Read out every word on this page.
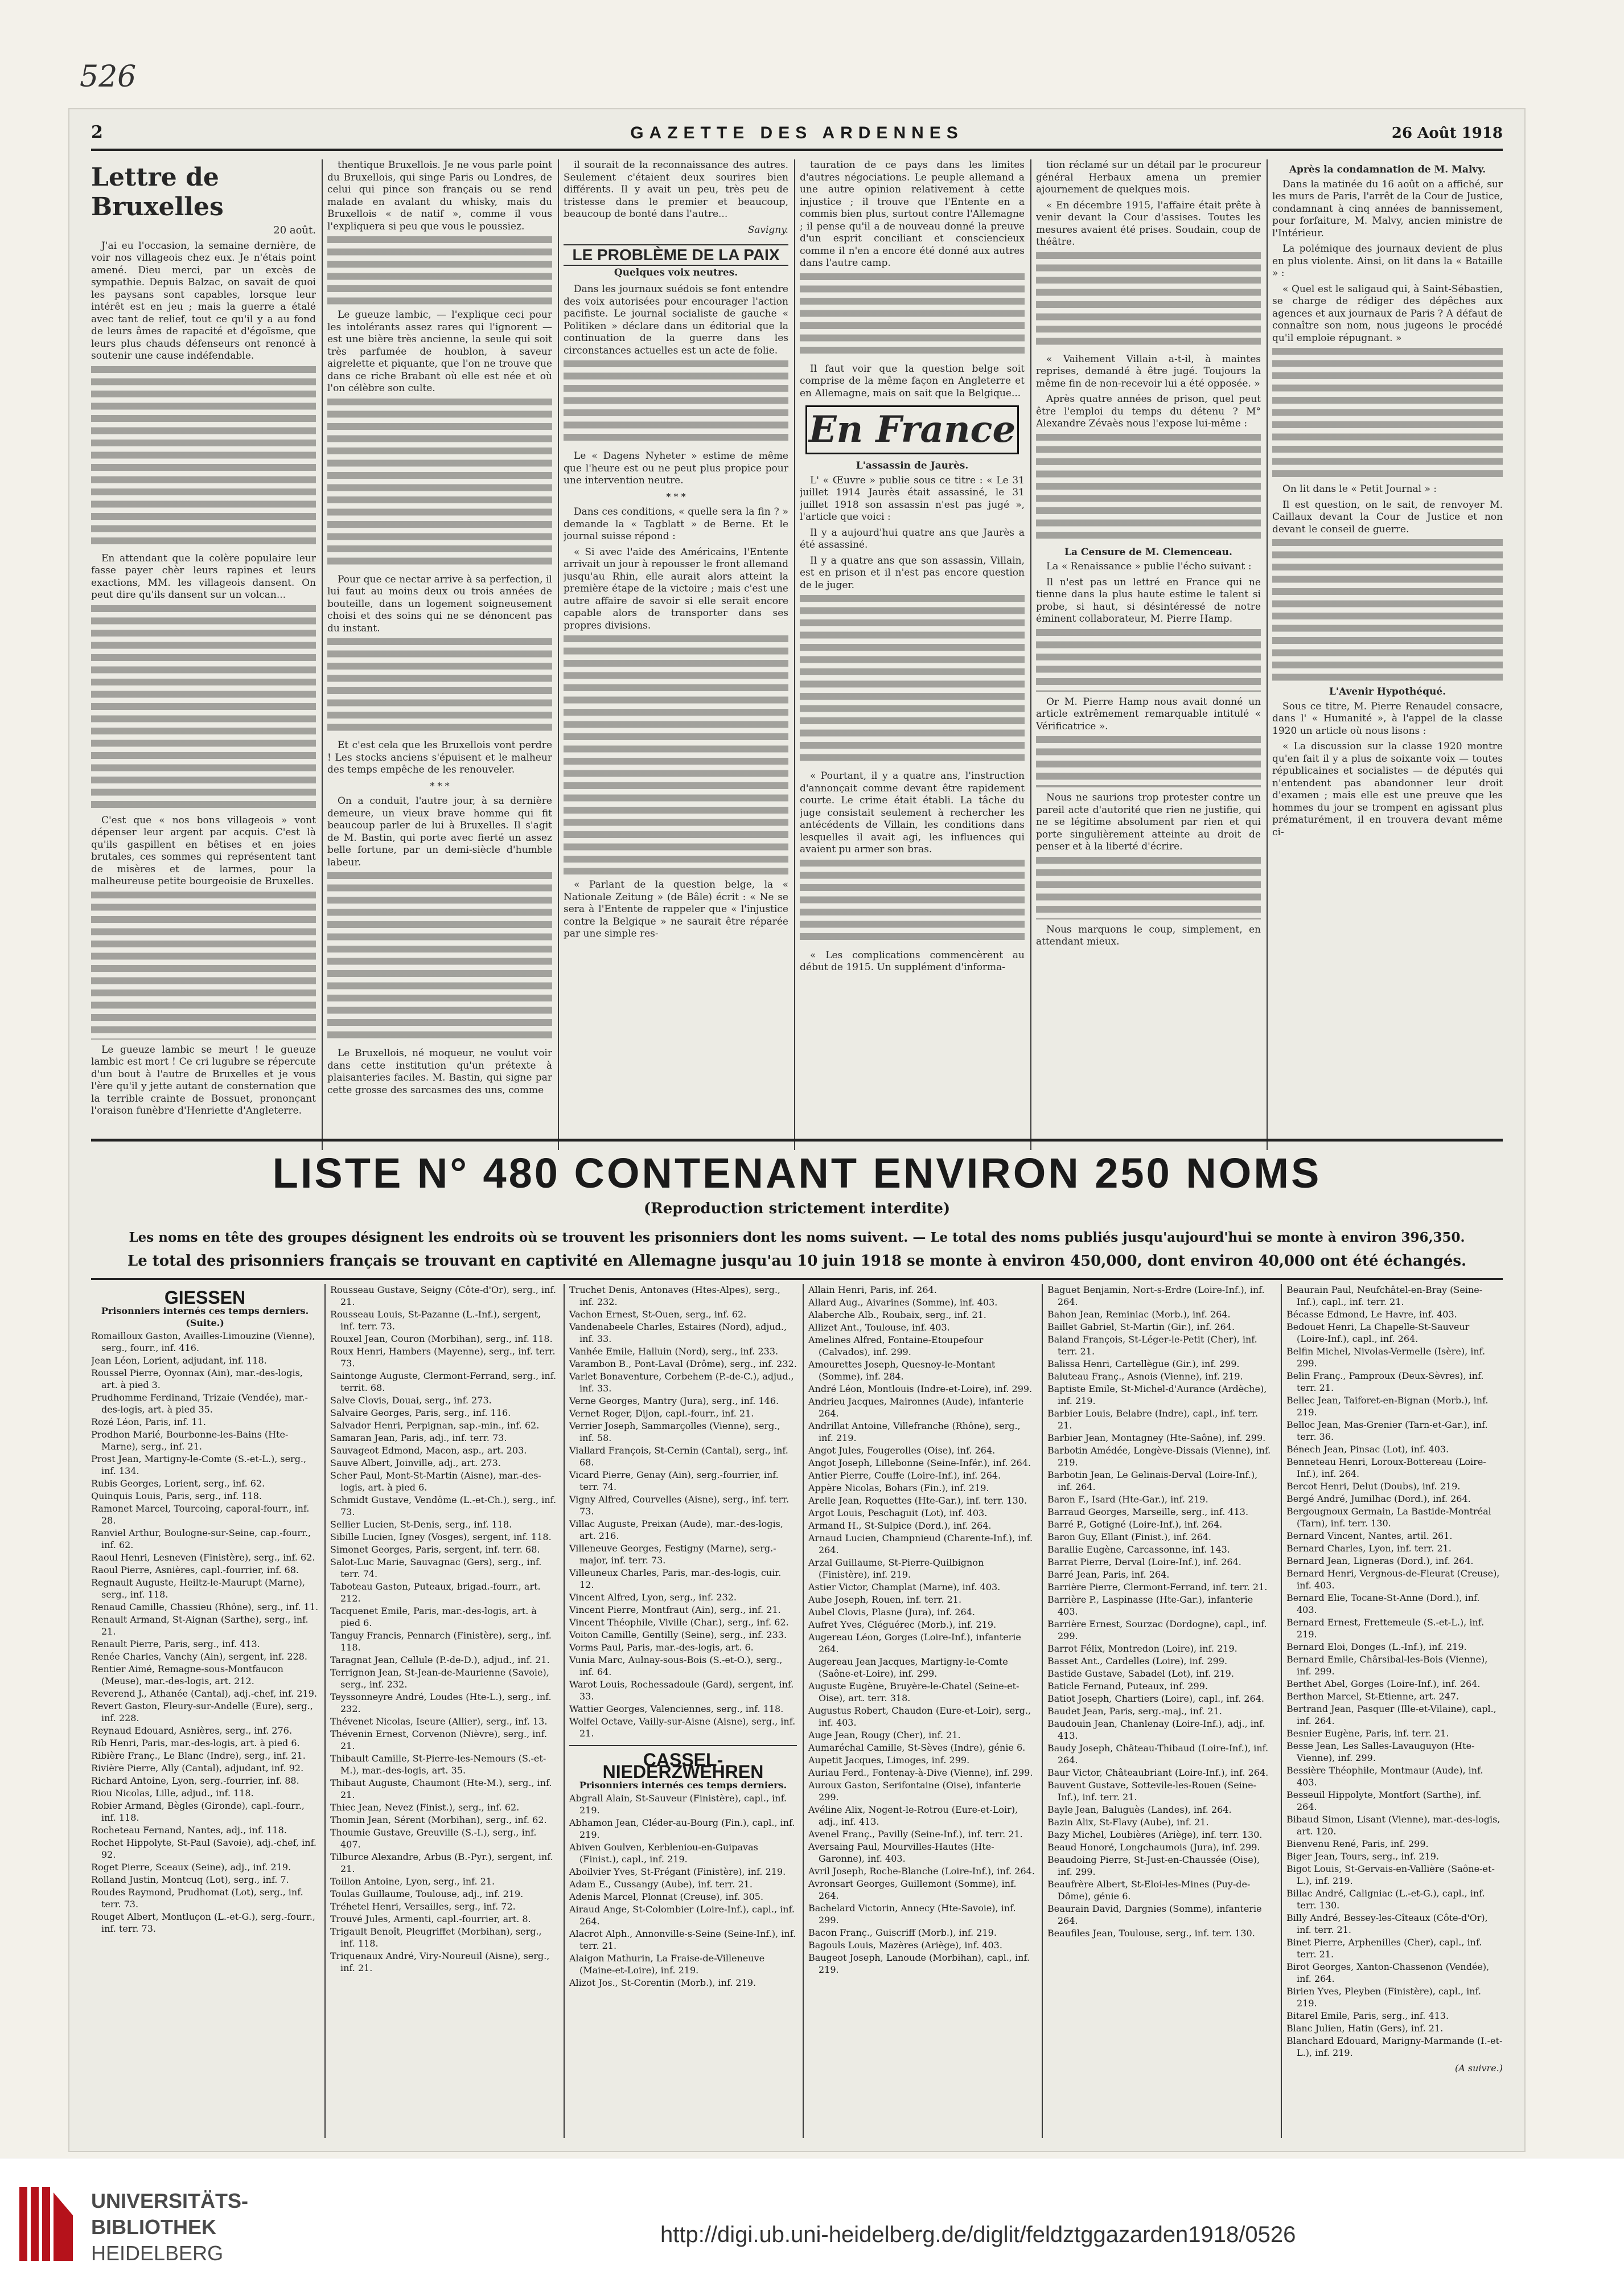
526
2	GAZETTE DES ARDENNES	26 Août 1918
Lettre de Bruxelles
20 août.

J'ai eu l'occasion, la semaine dernière, de voir nos villageois chez eux. Je n'étais point amené. Dieu merci, par un excès de sympathie. Depuis Balzac, on savait de quoi les paysans sont capables, lorsque leur intérêt est en jeu ; mais la guerre a étalé avec tant de relief, tout ce qu'il y a au fond de leurs âmes de rapacité et d'égoïsme, que leurs plus chauds défenseurs ont renoncé à soutenir une cause indéfendable.

En attendant que la colère populaire leur fasse payer chèr leurs rapines et leurs exactions, MM. les villageois dansent. On peut dire qu'ils dansent sur un volcan...

C'est que « nos bons villageois » vont dépenser leur argent par acquis. C'est là qu'ils gaspillent en bêtises et en joies brutales, ces sommes qui représentent tant de misères et de larmes, pour la malheureuse petite bourgeoisie de Bruxelles.

Le gueuze lambic se meurt ! le gueuze lambic est mort ! Ce cri lugubre se répercute d'un bout à l'autre de Bruxelles et je vous l'ère qu'il y jette autant de consternation que la terrible crainte de Bossuet, prononçant l'oraison funèbre d'Henriette d'Angleterre.

thentique Bruxellois. Je ne vous parle point du Bruxellois, qui singe Paris ou Londres, de celui qui pince son français ou se rend malade en avalant du whisky, mais du Bruxellois « de natif », comme il vous l'expliquera si peu que vous le poussiez.

Le gueuze lambic, — l'explique ceci pour les intolérants assez rares qui l'ignorent — est une bière très ancienne, la seule qui soit très parfumée de houblon, à saveur aigrelette et piquante, que l'on ne trouve que dans ce riche Brabant où elle est née et où l'on célèbre son culte.

Pour que ce nectar arrive à sa perfection, il lui faut au moins deux ou trois années de bouteille, dans un logement soigneusement choisi et des soins qui ne se dénoncent pas du instant.

Et c'est cela que les Bruxellois vont perdre ! Les stocks anciens s'épuisent et le malheur des temps empêche de les renouveler.

* * *

On a conduit, l'autre jour, à sa dernière demeure, un vieux brave homme qui fit beaucoup parler de lui à Bruxelles. Il s'agit de M. Bastin, qui porte avec fierté un assez belle fortune, par un demi-siècle d'humble labeur.

Le Bruxellois, né moqueur, ne voulut voir dans cette institution qu'un prétexte à plaisanteries faciles. M. Bastin, qui signe par cette grosse des sarcasmes des uns, comme

il sourait de la reconnaissance des autres. Seulement c'étaient deux sourires bien différents. Il y avait un peu, très peu de tristesse dans le premier et beaucoup, beaucoup de bonté dans l'autre...

Savigny.
LE PROBLÈME DE LA PAIX
Quelques voix neutres.

Dans les journaux suédois se font entendre des voix autorisées pour encourager l'action pacifiste. Le journal socialiste de gauche « Politiken » déclare dans un éditorial que la continuation de la guerre dans les circonstances actuelles est un acte de folie.

Le « Dagens Nyheter » estime de même que l'heure est ou ne peut plus propice pour une intervention neutre.

* * *

Dans ces conditions, « quelle sera la fin ? » demande la « Tagblatt » de Berne. Et le journal suisse répond :

« Si avec l'aide des Américains, l'Entente arrivait un jour à repousser le front allemand jusqu'au Rhin, elle aurait alors atteint la première étape de la victoire ; mais c'est une autre affaire de savoir si elle serait encore capable alors de transporter dans ses propres divisions.

« Parlant de la question belge, la « Nationale Zeitung » (de Bâle) écrit : « Ne se sera à l'Entente de rappeler que « l'injustice contre la Belgique » ne saurait être réparée par une simple res-

tauration de ce pays dans les limites d'autres négociations. Le peuple allemand a une autre opinion relativement à cette injustice ; il trouve que l'Entente en a commis bien plus, surtout contre l'Allemagne ; il pense qu'il a de nouveau donné la preuve d'un esprit conciliant et consciencieux comme il n'en a encore été donné aux autres dans l'autre camp.

Il faut voir que la question belge soit comprise de la même façon en Angleterre et en Allemagne, mais on sait que la Belgique...

En France
L'assassin de Jaurès.

L' « Œuvre » publie sous ce titre : « Le 31 juillet 1914 Jaurès était assassiné, le 31 juillet 1918 son assassin n'est pas jugé », l'article que voici :

Il y a aujourd'hui quatre ans que Jaurès a été assassiné.

Il y a quatre ans que son assassin, Villain, est en prison et il n'est pas encore question de le juger.

« Pourtant, il y a quatre ans, l'instruction d'annonçait comme devant être rapidement courte. Le crime était établi. La tâche du juge consistait seulement à rechercher les antécédents de Villain, les conditions dans lesquelles il avait agi, les influences qui avaient pu armer son bras.

« Les complications commencèrent au début de 1915. Un supplément d'informa-

tion réclamé sur un détail par le procureur général Herbaux amena un premier ajournement de quelques mois.

« En décembre 1915, l'affaire était prête à venir devant la Cour d'assises. Toutes les mesures avaient été prises. Soudain, coup de théâtre.

« Vaihement Villain a-t-il, à maintes reprises, demandé à être jugé. Toujours la même fin de non-recevoir lui a été opposée. »

Après quatre années de prison, quel peut être l'emploi du temps du détenu ? M° Alexandre Zévaès nous l'expose lui-même :

La Censure de M. Clemenceau.

La « Renaissance » publie l'écho suivant :

Il n'est pas un lettré en France qui ne tienne dans la plus haute estime le talent si probe, si haut, si désintéressé de notre éminent collaborateur, M. Pierre Hamp.

Or M. Pierre Hamp nous avait donné un article extrêmement remarquable intitulé « Vérificatrice ».

Nous ne saurions trop protester contre un pareil acte d'autorité que rien ne justifie, qui ne se légitime absolument par rien et qui porte singulièrement atteinte au droit de penser et à la liberté d'écrire.

Nous marquons le coup, simplement, en attendant mieux.

Après la condamnation de M. Malvy.

Dans la matinée du 16 août on a affiché, sur les murs de Paris, l'arrêt de la Cour de Justice, condamnant à cinq années de bannissement, pour forfaiture, M. Malvy, ancien ministre de l'Intérieur.

La polémique des journaux devient de plus en plus violente. Ainsi, on lit dans la « Bataille » :

« Quel est le saligaud qui, à Saint-Sébastien, se charge de rédiger des dépêches aux agences et aux journaux de Paris ? A défaut de connaître son nom, nous jugeons le procédé qu'il emploie répugnant. »

On lit dans le « Petit Journal » :

Il est question, on le sait, de renvoyer M. Caillaux devant la Cour de Justice et non devant le conseil de guerre.

L'Avenir Hypothéqué.

Sous ce titre, M. Pierre Renaudel consacre, dans l' « Humanité », à l'appel de la classe 1920 un article où nous lisons :

« La discussion sur la classe 1920 montre qu'en fait il y a plus de soixante voix — toutes républicaines et socialistes — de députés qui n'entendent pas abandonner leur droit d'examen ; mais elle est une preuve que les hommes du jour se trompent en agissant plus prématurément, il en trouvera devant même ci-

LISTE N° 480 CONTENANT ENVIRON 250 NOMS
(Reproduction strictement interdite)
Les noms en tête des groupes désignent les endroits où se trouvent les prisonniers dont les noms suivent. — Le total des noms publiés jusqu'aujourd'hui se monte à environ 396,350.
Le total des prisonniers français se trouvant en captivité en Allemagne jusqu'au 10 juin 1918 se monte à environ 450,000, dont environ 40,000 ont été échangés.
GIESSEN
Prisonniers internés ces temps derniers. (Suite.)
Romailloux Gaston, Availles-Limouzine (Vienne), serg., fourr., inf. 416.
Jean Léon, Lorient, adjudant, inf. 118.
Roussel Pierre, Oyonnax (Ain), mar.-des-logis, art. à pied 3.
Prudhomme Ferdinand, Trizaie (Vendée), mar.-des-logis, art. à pied 35.
Rozé Léon, Paris, inf. 11.
Prodhon Marié, Bourbonne-les-Bains (Hte-Marne), serg., inf. 21.
Prost Jean, Martigny-le-Comte (S.-et-L.), serg., inf. 134.
Rubis Georges, Lorient, serg., inf. 62.
Quinquis Louis, Paris, serg., inf. 118.
Ramonet Marcel, Tourcoing, caporal-fourr., inf. 28.
Ranviel Arthur, Boulogne-sur-Seine, cap.-fourr., inf. 62.
Raoul Henri, Lesneven (Finistère), serg., inf. 62.
Raoul Pierre, Asnières, capl.-fourrier, inf. 68.
Regnault Auguste, Heiltz-le-Maurupt (Marne), serg., inf. 118.
Renaud Camille, Chassieu (Rhône), serg., inf. 11.
Renault Armand, St-Aignan (Sarthe), serg., inf. 21.
Renault Pierre, Paris, serg., inf. 413.
Renée Charles, Vanchy (Ain), sergent, inf. 228.
Rentier Aimé, Remagne-sous-Montfaucon (Meuse), mar.-des-logis, art. 212.
Reverend J., Athanée (Cantal), adj.-chef, inf. 219.
Revert Gaston, Fleury-sur-Andelle (Eure), serg., inf. 228.
Reynaud Edouard, Asnières, serg., inf. 276.
Rib Henri, Paris, mar.-des-logis, art. à pied 6.
Ribière Franç., Le Blanc (Indre), serg., inf. 21.
Rivière Pierre, Ally (Cantal), adjudant, inf. 92.
Richard Antoine, Lyon, serg.-fourrier, inf. 88.
Riou Nicolas, Lille, adjud., inf. 118.
Robier Armand, Bègles (Gironde), capl.-fourr., inf. 118.
Rocheteau Fernand, Nantes, adj., inf. 118.
Rochet Hippolyte, St-Paul (Savoie), adj.-chef, inf. 92.
Roget Pierre, Sceaux (Seine), adj., inf. 219.
Rolland Justin, Montcuq (Lot), serg., inf. 7.
Roudes Raymond, Prudhomat (Lot), serg., inf. terr. 73.
Rouget Albert, Montluçon (L.-et-G.), serg.-fourr., inf. terr. 73.
Rousseau Gustave, Seigny (Côte-d'Or), serg., inf. 21.
Rousseau Louis, St-Pazanne (L.-Inf.), sergent, inf. terr. 73.
Rouxel Jean, Couron (Morbihan), serg., inf. 118.
Roux Henri, Hambers (Mayenne), serg., inf. terr. 73.
Saintonge Auguste, Clermont-Ferrand, serg., inf. territ. 68.
Salve Clovis, Douai, serg., inf. 273.
Salvaire Georges, Paris, serg., inf. 116.
Salvador Henri, Perpignan, sap.-min., inf. 62.
Samaran Jean, Paris, adj., inf. terr. 73.
Sauvageot Edmond, Macon, asp., art. 203.
Sauve Albert, Joinville, adj., art. 273.
Scher Paul, Mont-St-Martin (Aisne), mar.-des-logis, art. à pied 6.
Schmidt Gustave, Vendôme (L.-et-Ch.), serg., inf. 73.
Sellier Lucien, St-Denis, serg., inf. 118.
Sibille Lucien, Igney (Vosges), sergent, inf. 118.
Simonet Georges, Paris, sergent, inf. terr. 68.
Salot-Luc Marie, Sauvagnac (Gers), serg., inf. terr. 74.
Taboteau Gaston, Puteaux, brigad.-fourr., art. 212.
Tacquenet Emile, Paris, mar.-des-logis, art. à pied 6.
Tanguy Francis, Pennarch (Finistère), serg., inf. 118.
Taragnat Jean, Cellule (P.-de-D.), adjud., inf. 21.
Terrignon Jean, St-Jean-de-Maurienne (Savoie), serg., inf. 232.
Teyssonneyre André, Loudes (Hte-L.), serg., inf. 232.
Thévenet Nicolas, Iseure (Allier), serg., inf. 13.
Thévenin Ernest, Corvenon (Nièvre), serg., inf. 21.
Thibault Camille, St-Pierre-les-Nemours (S.-et-M.), mar.-des-logis, art. 35.
Thibaut Auguste, Chaumont (Hte-M.), serg., inf. 21.
Thiec Jean, Nevez (Finist.), serg., inf. 62.
Thomin Jean, Sérent (Morbihan), serg., inf. 62.
Thoumie Gustave, Greuville (S.-I.), serg., inf. 407.
Tilburce Alexandre, Arbus (B.-Pyr.), sergent, inf. 21.
Toillon Antoine, Lyon, serg., inf. 21.
Toulas Guillaume, Toulouse, adj., inf. 219.
Tréhetel Henri, Versailles, serg., inf. 72.
Trouvé Jules, Armenti, capl.-fourrier, art. 8.
Trigault Benoît, Pleugriffet (Morbihan), serg., inf. 118.
Triquenaux André, Viry-Noureuil (Aisne), serg., inf. 21.
Truchet Denis, Antonaves (Htes-Alpes), serg., inf. 232.
Vachon Ernest, St-Ouen, serg., inf. 62.
Vandenabeele Charles, Estaires (Nord), adjud., inf. 33.
Vanhée Emile, Halluin (Nord), serg., inf. 233.
Varambon B., Pont-Laval (Drôme), serg., inf. 232.
Varlet Bonaventure, Corbehem (P.-de-C.), adjud., inf. 33.
Verne Georges, Mantry (Jura), serg., inf. 146.
Vernet Roger, Dijon, capl.-fourr., inf. 21.
Verrier Joseph, Sammarçolles (Vienne), serg., inf. 58.
Viallard François, St-Cernin (Cantal), serg., inf. 68.
Vicard Pierre, Genay (Ain), serg.-fourrier, inf. terr. 74.
Vigny Alfred, Courvelles (Aisne), serg., inf. terr. 73.
Villac Auguste, Preixan (Aude), mar.-des-logis, art. 216.
Villeneuve Georges, Festigny (Marne), serg.-major, inf. terr. 73.
Villeuneux Charles, Paris, mar.-des-logis, cuir. 12.
Vincent Alfred, Lyon, serg., inf. 232.
Vincent Pierre, Montfraut (Ain), serg., inf. 21.
Vincent Théophile, Viville (Char.), serg., inf. 62.
Voiton Camille, Gentilly (Seine), serg., inf. 233.
Vorms Paul, Paris, mar.-des-logis, art. 6.
Vunia Marc, Aulnay-sous-Bois (S.-et-O.), serg., inf. 64.
Warot Louis, Rochessadoule (Gard), sergent, inf. 33.
Wattier Georges, Valenciennes, serg., inf. 118.
Wolfel Octave, Vailly-sur-Aisne (Aisne), serg., inf. 21.
CASSEL-NIEDERZWEHREN
Prisonniers internés ces temps derniers.
Abgrall Alain, St-Sauveur (Finistère), capl., inf. 219.
Abhamon Jean, Cléder-au-Bourg (Fin.), capl., inf. 219.
Abiven Goulven, Kerbleniou-en-Guipavas (Finist.), capl., inf. 219.
Aboilvier Yves, St-Frégant (Finistère), inf. 219.
Adam E., Cussangy (Aube), inf. terr. 21.
Adenis Marcel, Plonnat (Creuse), inf. 305.
Airaud Ange, St-Colombier (Loire-Inf.), capl., inf. 264.
Alacrot Alph., Annonville-s-Seine (Seine-Inf.), inf. terr. 21.
Alaigon Mathurin, La Fraise-de-Villeneuve (Maine-et-Loire), inf. 219.
Alizot Jos., St-Corentin (Morb.), inf. 219.
Allain Henri, Paris, inf. 264.
Allard Aug., Aivarines (Somme), inf. 403.
Alaberche Alb., Roubaix, serg., inf. 21.
Allizet Ant., Toulouse, inf. 403.
Amelines Alfred, Fontaine-Etoupefour (Calvados), inf. 299.
Amourettes Joseph, Quesnoy-le-Montant (Somme), inf. 284.
André Léon, Montlouis (Indre-et-Loire), inf. 299.
Andrieu Jacques, Maironnes (Aude), infanterie 264.
Andrillat Antoine, Villefranche (Rhône), serg., inf. 219.
Angot Jules, Fougerolles (Oise), inf. 264.
Angot Joseph, Lillebonne (Seine-Infér.), inf. 264.
Antier Pierre, Couffe (Loire-Inf.), inf. 264.
Appère Nicolas, Bohars (Fin.), inf. 219.
Arelle Jean, Roquettes (Hte-Gar.), inf. terr. 130.
Argot Louis, Peschaguit (Lot), inf. 403.
Armand H., St-Sulpice (Dord.), inf. 264.
Arnaud Lucien, Champnieud (Charente-Inf.), inf. 264.
Arzal Guillaume, St-Pierre-Quilbignon (Finistère), inf. 219.
Astier Victor, Champlat (Marne), inf. 403.
Aube Joseph, Rouen, inf. terr. 21.
Aubel Clovis, Plasne (Jura), inf. 264.
Aufret Yves, Cléguérec (Morb.), inf. 219.
Augereau Léon, Gorges (Loire-Inf.), infanterie 264.
Augereau Jean Jacques, Martigny-le-Comte (Saône-et-Loire), inf. 299.
Auguste Eugène, Bruyère-le-Chatel (Seine-et-Oise), art. terr. 318.
Augustus Robert, Chaudon (Eure-et-Loir), serg., inf. 403.
Auge Jean, Rougy (Cher), inf. 21.
Aumaréchal Camille, St-Sèves (Indre), génie 6.
Aupetit Jacques, Limoges, inf. 299.
Auriau Ferd., Fontenay-à-Dive (Vienne), inf. 299.
Auroux Gaston, Serifontaine (Oise), infanterie 299.
Avéline Alix, Nogent-le-Rotrou (Eure-et-Loir), adj., inf. 413.
Avenel Franç., Pavilly (Seine-Inf.), inf. terr. 21.
Aversaing Paul, Mourvilles-Hautes (Hte-Garonne), inf. 403.
Avril Joseph, Roche-Blanche (Loire-Inf.), inf. 264.
Avronsart Georges, Guillemont (Somme), inf. 264.
Bachelard Victorin, Annecy (Hte-Savoie), inf. 299.
Bacon Franç., Guiscriff (Morb.), inf. 219.
Bagouls Louis, Mazères (Ariège), inf. 403.
Baugeot Joseph, Lanoude (Morbihan), capl., inf. 219.
Baguet Benjamin, Nort-s-Erdre (Loire-Inf.), inf. 264.
Bahon Jean, Reminiac (Morb.), inf. 264.
Baillet Gabriel, St-Martin (Gir.), inf. 264.
Baland François, St-Léger-le-Petit (Cher), inf. terr. 21.
Balissa Henri, Cartellègue (Gir.), inf. 299.
Baluteau Franç., Asnois (Vienne), inf. 219.
Baptiste Emile, St-Michel-d'Aurance (Ardèche), inf. 219.
Barbier Louis, Belabre (Indre), capl., inf. terr. 21.
Barbier Jean, Montagney (Hte-Saône), inf. 299.
Barbotin Amédée, Longève-Dissais (Vienne), inf. 219.
Barbotin Jean, Le Gelinais-Derval (Loire-Inf.), inf. 264.
Baron F., Isard (Hte-Gar.), inf. 219.
Barraud Georges, Marseille, serg., inf. 413.
Barré P., Gotigné (Loire-Inf.), inf. 264.
Baron Guy, Ellant (Finist.), inf. 264.
Barallie Eugène, Carcassonne, inf. 143.
Barrat Pierre, Derval (Loire-Inf.), inf. 264.
Barré Jean, Paris, inf. 264.
Barrière Pierre, Clermont-Ferrand, inf. terr. 21.
Barrière P., Laspinasse (Hte-Gar.), infanterie 403.
Barrière Ernest, Sourzac (Dordogne), capl., inf. 299.
Barrot Félix, Montredon (Loire), inf. 219.
Basset Ant., Cardelles (Loire), inf. 299.
Bastide Gustave, Sabadel (Lot), inf. 219.
Baticle Fernand, Puteaux, inf. 299.
Batiot Joseph, Chartiers (Loire), capl., inf. 264.
Baudet Jean, Paris, serg.-maj., inf. 21.
Baudouin Jean, Chanlenay (Loire-Inf.), adj., inf. 413.
Baudy Joseph, Château-Thibaud (Loire-Inf.), inf. 264.
Baur Victor, Châteaubriant (Loire-Inf.), inf. 264.
Bauvent Gustave, Sottevile-les-Rouen (Seine-Inf.), inf. terr. 21.
Bayle Jean, Baluguès (Landes), inf. 264.
Bazin Alix, St-Flavy (Aube), inf. 21.
Bazy Michel, Loubières (Ariège), inf. terr. 130.
Beaud Honoré, Longchaumois (Jura), inf. 299.
Beaudoing Pierre, St-Just-en-Chaussée (Oise), inf. 299.
Beaufrère Albert, St-Eloi-les-Mines (Puy-de-Dôme), génie 6.
Beaurain David, Dargnies (Somme), infanterie 264.
Beaufiles Jean, Toulouse, serg., inf. terr. 130.
Beaurain Paul, Neufchâtel-en-Bray (Seine-Inf.), capl., inf. terr. 21.
Bécasse Edmond, Le Havre, inf. 403.
Bedouet Henri, La Chapelle-St-Sauveur (Loire-Inf.), capl., inf. 264.
Belfin Michel, Nivolas-Vermelle (Isère), inf. 299.
Belin Franç., Pamproux (Deux-Sèvres), inf. terr. 21.
Bellec Jean, Taiforet-en-Bignan (Morb.), inf. 219.
Belloc Jean, Mas-Grenier (Tarn-et-Gar.), inf. terr. 36.
Bénech Jean, Pinsac (Lot), inf. 403.
Benneteau Henri, Loroux-Bottereau (Loire-Inf.), inf. 264.
Bercot Henri, Delut (Doubs), inf. 219.
Bergé André, Jumilhac (Dord.), inf. 264.
Bergougnoux Germain, La Bastide-Montréal (Tarn), inf. terr. 130.
Bernard Vincent, Nantes, artil. 261.
Bernard Charles, Lyon, inf. terr. 21.
Bernard Jean, Ligneras (Dord.), inf. 264.
Bernard Henri, Vergnous-de-Fleurat (Creuse), inf. 403.
Bernard Elie, Tocane-St-Anne (Dord.), inf. 403.
Bernard Ernest, Frettemeule (S.-et-L.), inf. 219.
Bernard Eloi, Donges (L.-Inf.), inf. 219.
Bernard Emile, Chârsibal-les-Bois (Vienne), inf. 299.
Berthet Abel, Gorges (Loire-Inf.), inf. 264.
Berthon Marcel, St-Etienne, art. 247.
Bertrand Jean, Pasquer (Ille-et-Vilaine), capl., inf. 264.
Besnier Eugène, Paris, inf. terr. 21.
Besse Jean, Les Salles-Lavauguyon (Hte-Vienne), inf. 299.
Bessière Théophile, Montmaur (Aude), inf. 403.
Besseuil Hippolyte, Montfort (Sarthe), inf. 264.
Bibaud Simon, Lisant (Vienne), mar.-des-logis, art. 120.
Bienvenu René, Paris, inf. 299.
Biger Jean, Tours, serg., inf. 219.
Bigot Louis, St-Gervais-en-Vallière (Saône-et-L.), inf. 219.
Billac André, Caligniac (L.-et-G.), capl., inf. terr. 130.
Billy André, Bessey-les-Cîteaux (Côte-d'Or), inf. terr. 21.
Binet Pierre, Arphenilles (Cher), capl., inf. terr. 21.
Birot Georges, Xanton-Chassenon (Vendée), inf. 264.
Birien Yves, Pleyben (Finistère), capl., inf. 219.
Bitarel Emile, Paris, serg., inf. 413.
Blanc Julien, Hatin (Gers), inf. 21.
Blanchard Edouard, Marigny-Marmande (I.-et-L.), inf. 219.
(A suivre.)
UNIVERSITÄTS-
BIBLIOTHEK
HEIDELBERG
http://digi.ub.uni-heidelberg.de/diglit/feldztggazarden1918/0526
